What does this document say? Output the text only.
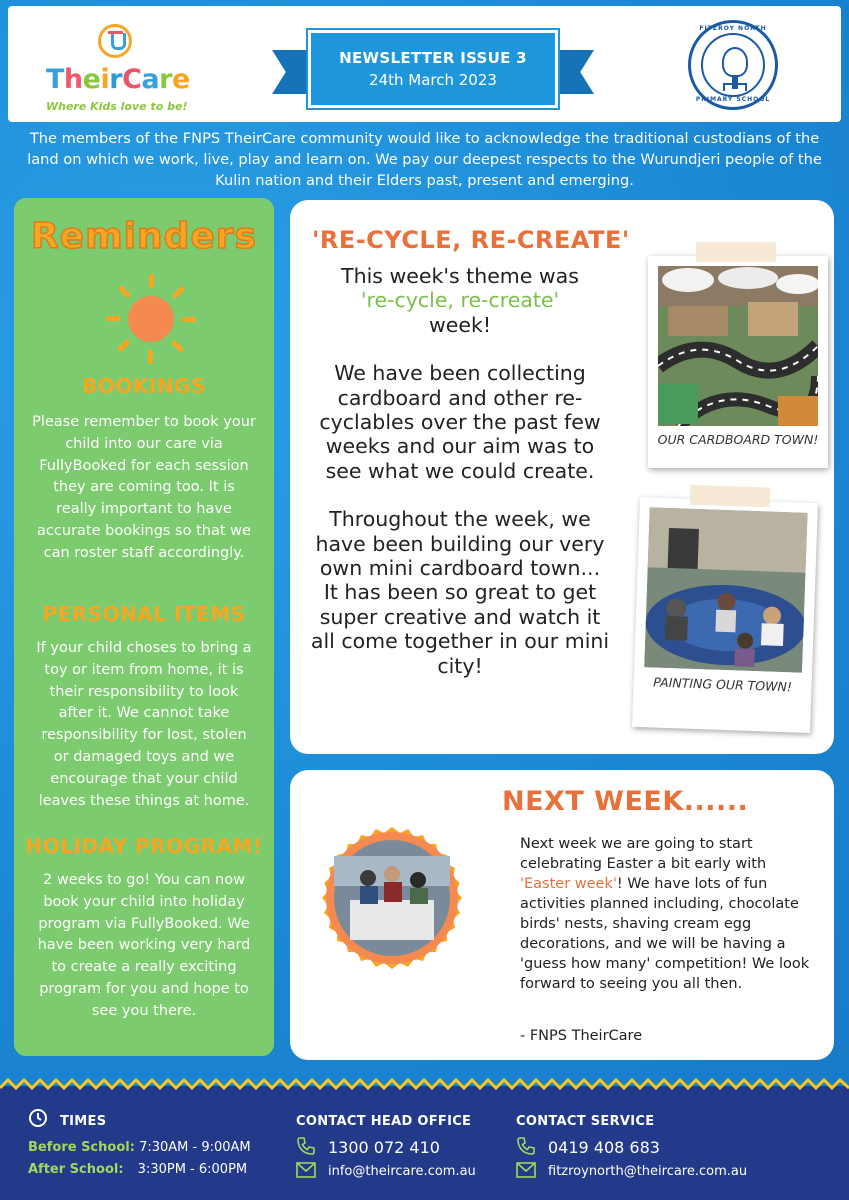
TheirCare
Where Kids love to be!
NEWSLETTER ISSUE 3
24th March 2023
FITZROY NORTH
PRIMARY SCHOOL
The members of the FNPS TheirCare community would like to acknowledge the traditional custodians of the land on which we work, live, play and learn on. We pay our deepest respects to the Wurundjeri people of the Kulin nation and their Elders past, present and emerging.
Reminders
BOOKINGS
Please remember to book your child into our care via FullyBooked for each session they are coming too. It is really important to have accurate bookings so that we can roster staff accordingly.
PERSONAL ITEMS
If your child choses to bring a toy or item from home, it is their responsibility to look after it. We cannot take responsibility for lost, stolen or damaged toys and we encourage that your child leaves these things at home.
HOLIDAY PROGRAM!
2 weeks to go! You can now book your child into holiday program via FullyBooked. We have been working very hard to create a really exciting program for you and hope to see you there.
'RE-CYCLE, RE-CREATE'

This week's theme was
're-cycle, re-create'
week!

We have been collecting cardboard and other re-cyclables over the past few weeks and our aim was to see what we could create.

Throughout the week, we have been building our very own mini cardboard town... It has been so great to get super creative and watch it all come together in our mini city!

OUR CARDBOARD TOWN!
PAINTING OUR TOWN!
NEXT WEEK......
Next week we are going to start celebrating Easter a bit early with 'Easter week'! We have lots of fun activities planned including, chocolate birds' nests, shaving cream egg decorations, and we will be having a 'guess how many' competition! We look forward to seeing you all then.
- FNPS TheirCare
TIMES
Before School: 7:30AM - 9:00AM
After School: 3:30PM - 6:00PM
CONTACT HEAD OFFICE
1300 072 410
info@theircare.com.au
CONTACT SERVICE
0419 408 683
fitzroynorth@theircare.com.au
